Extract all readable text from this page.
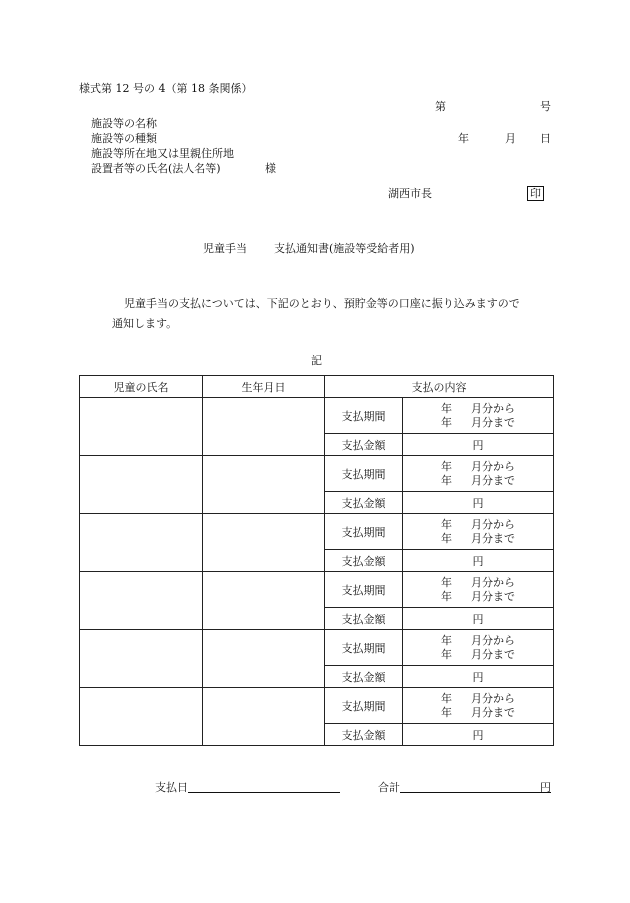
様式第 12 号の 4（第 18 条関係）
第	号
施設等の名称
施設等の種類	年	月 日
施設等所在地又は里親住所地
設置者等の氏名(法人名等)	様
湖西市長	印
児童手当 支払通知書(施設等受給者用)
児童手当の支払については、下記のとおり、預貯金等の口座に振り込みますので
通知します。
記
児童の氏名	生年月日	支払の内容	
		支払期間	年 月分から
年 月分まで

		支払金額	円
		支払期間	年 月分から
年 月分まで

		支払金額	円
		支払期間	年 月分から
年 月分まで

		支払金額	円
		支払期間	年 月分から
年 月分まで

		支払金額	円
		支払期間	年 月分から
年 月分まで

		支払金額	円
		支払期間	年 月分から
年 月分まで

		支払金額	円
支払日	合計	円
